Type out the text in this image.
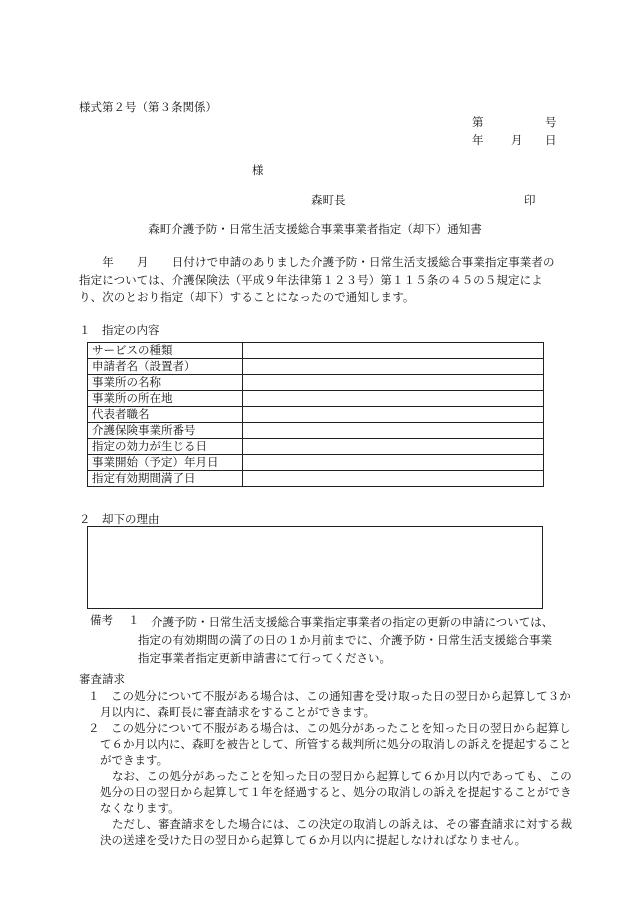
様式第２号（第３条関係）
第	号
年 月 日
様
森町長	印
森町介護予防・日常生活支援総合事業事業者指定（却下）通知書

　　年　　月　　日付けで申請のありました介護予防・日常生活支援総合事業指定事業者の指定については、介護保険法（平成９年法律第１２３号）第１１５条の４５の５規定により、次のとおり指定（却下）することになったので通知します。

１　指定の内容
サービスの種類	
申請者名（設置者）	
事業所の名称	
事業所の所在地	
代表者職名	
介護保険事業所番号	
指定の効力が生じる日	
事業開始（予定）年月日	
指定有効期間満了日	
２　却下の理由
備考 １	介護予防・日常生活支援総合事業指定事業者の指定の更新の申請については、指定の有効期間の満了の日の１か月前までに、介護予防・日常生活支援総合事業指定事業者指定更新申請書にて行ってください。
審査請求
１　この処分について不服がある場合は、この通知書を受け取った日の翌日から起算して３か月以内に、森町長に審査請求をすることができます。
２　この処分について不服がある場合は、この処分があったことを知った日の翌日から起算して６か月以内に、森町を被告として、所管する裁判所に処分の取消しの訴えを提起することができます。
なお、この処分があったことを知った日の翌日から起算して６か月以内であっても、この処分の日の翌日から起算して１年を経過すると、処分の取消しの訴えを提起することができなくなります。
ただし、審査請求をした場合には、この決定の取消しの訴えは、その審査請求に対する裁決の送達を受けた日の翌日から起算して６か月以内に提起しなければなりません。
